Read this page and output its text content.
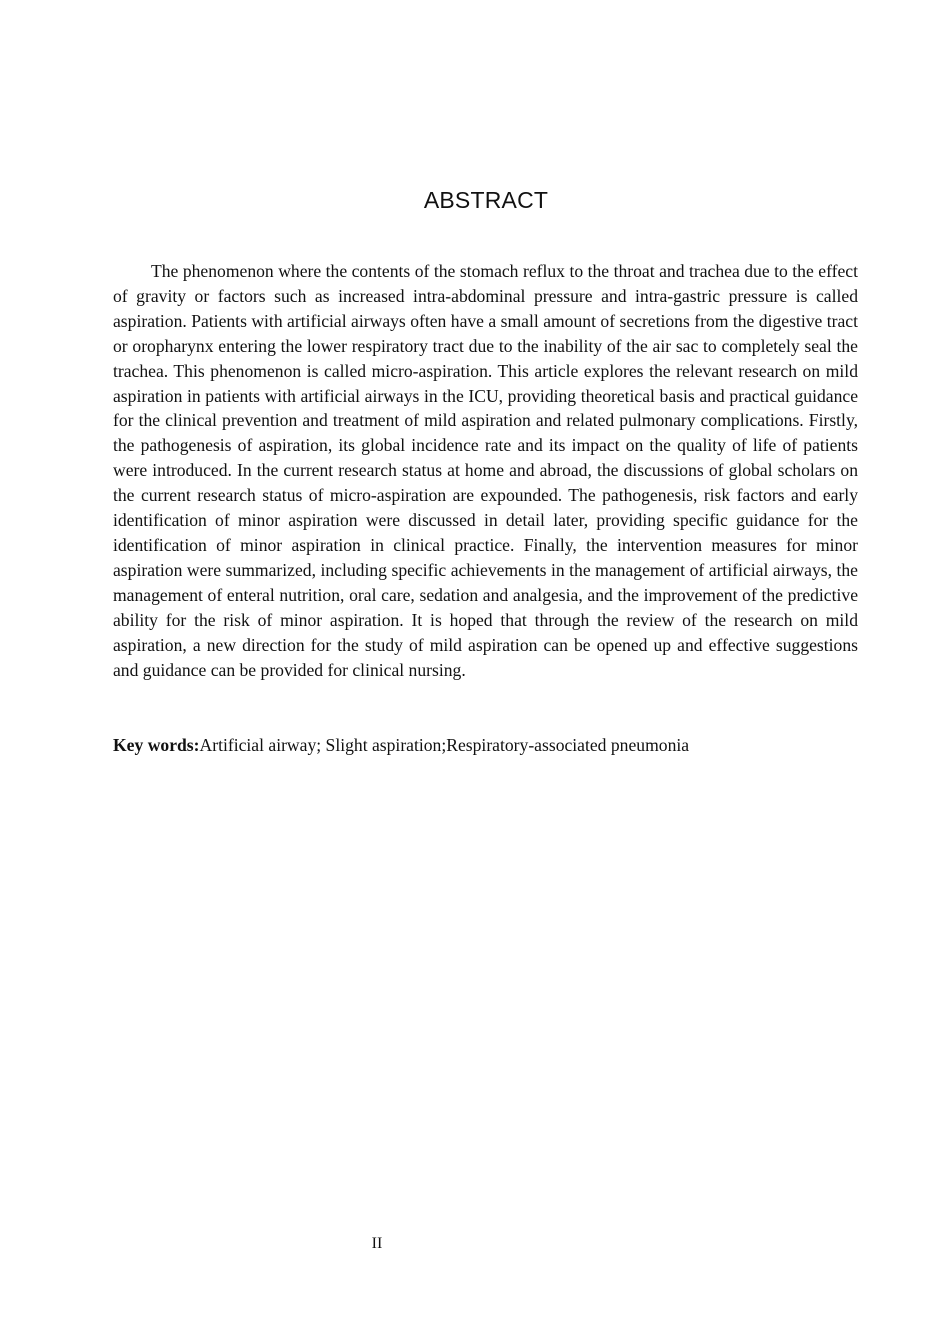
ABSTRACT

The phenomenon where the contents of the stomach reflux to the throat and trachea due to the effect of gravity or factors such as increased intra-abdominal pressure and intra-gastric pressure is called aspiration. Patients with artificial airways often have a small amount of secretions from the digestive tract or oropharynx entering the lower respiratory tract due to the inability of the air sac to completely seal the trachea. This phenomenon is called micro-aspiration. This article explores the relevant research on mild aspiration in patients with artificial airways in the ICU, providing theoretical basis and practical guidance for the clinical prevention and treatment of mild aspiration and related pulmonary complications. Firstly, the pathogenesis of aspiration, its global incidence rate and its impact on the quality of life of patients were introduced. In the current research status at home and abroad, the discussions of global scholars on the current research status of micro-aspiration are expounded. The pathogenesis, risk factors and early identification of minor aspiration were discussed in detail later, providing specific guidance for the identification of minor aspiration in clinical practice. Finally, the intervention measures for minor aspiration were summarized, including specific achievements in the management of artificial airways, the management of enteral nutrition, oral care, sedation and analgesia, and the improvement of the predictive ability for the risk of minor aspiration. It is hoped that through the review of the research on mild aspiration, a new direction for the study of mild aspiration can be opened up and effective suggestions and guidance can be provided for clinical nursing.

Key words:Artificial airway; Slight aspiration;Respiratory-associated pneumonia

II
